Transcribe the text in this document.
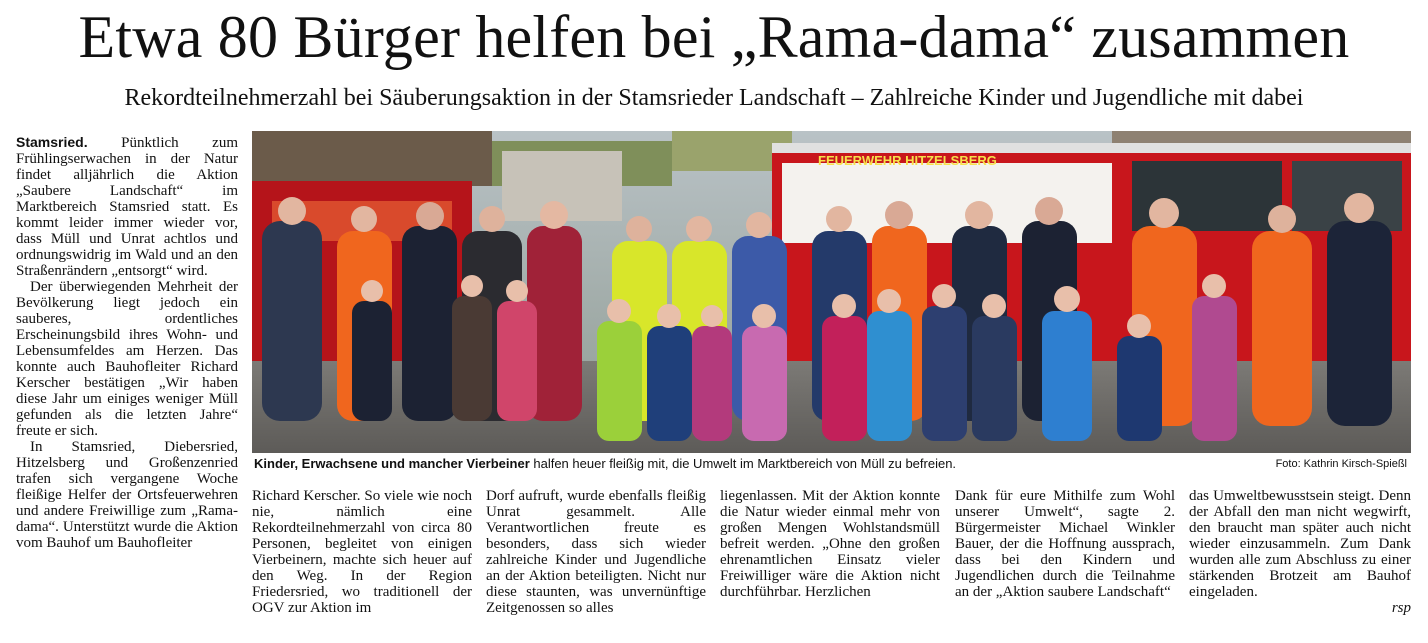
Etwa 80 Bürger helfen bei „Rama-dama“ zusammen
Rekordteilnehmerzahl bei Säuberungsaktion in der Stamsrieder Landschaft – Zahlreiche Kinder und Jugendliche mit dabei

Stamsried. Pünktlich zum Frühlingserwachen in der Natur findet alljährlich die Aktion „Saubere Landschaft“ im Marktbereich Stamsried statt. Es kommt leider immer wieder vor, dass Müll und Unrat achtlos und ordnungswidrig im Wald und an den Straßenrändern „entsorgt“ wird.

Der überwiegenden Mehrheit der Bevölkerung liegt jedoch ein sauberes, ordentliches Erscheinungsbild ihres Wohn- und Lebensumfeldes am Herzen. Das konnte auch Bauhofleiter Richard Kerscher bestätigen „Wir haben diese Jahr um einiges weniger Müll gefunden als die letzten Jahre“ freute er sich.

In Stamsried, Diebersried, Hitzelsberg und Großenzenried trafen sich vergangene Woche fleißige Helfer der Ortsfeuerwehren und andere Freiwillige zum „Rama-dama“. Unterstützt wurde die Aktion vom Bauhof um Bauhofleiter

FEUERWEHR HITZELSBERG
Kinder, Erwachsene und mancher Vierbeiner halfen heuer fleißig mit, die Umwelt im Marktbereich von Müll zu befreien.	Foto: Kathrin Kirsch-Spießl

Richard Kerscher. So viele wie noch nie, nämlich eine Rekordteilnehmerzahl von circa 80 Personen, begleitet von einigen Vierbeinern, machte sich heuer auf den Weg. In der Region Friedersried, wo traditionell der OGV zur Aktion im

Dorf aufruft, wurde ebenfalls fleißig Unrat gesammelt. Alle Verantwortlichen freute es besonders, dass sich wieder zahlreiche Kinder und Jugendliche an der Aktion beteiligten. Nicht nur diese staunten, was unvernünftige Zeitgenossen so alles

liegenlassen. Mit der Aktion konnte die Natur wieder einmal mehr von großen Mengen Wohlstandsmüll befreit werden. „Ohne den großen ehrenamtlichen Einsatz vieler Freiwilliger wäre die Aktion nicht durchführbar. Herzlichen

Dank für eure Mithilfe zum Wohl unserer Umwelt“, sagte 2. Bürgermeister Michael Winkler Bauer, der die Hoffnung aussprach, dass bei den Kindern und Jugendlichen durch die Teilnahme an der „Aktion saubere Landschaft“

das Umweltbewusstsein steigt. Denn der Abfall den man nicht wegwirft, den braucht man später auch nicht wieder einzusammeln. Zum Dank wurden alle zum Abschluss zu einer stärkenden Brotzeit am Bauhof eingeladen.

rsp
